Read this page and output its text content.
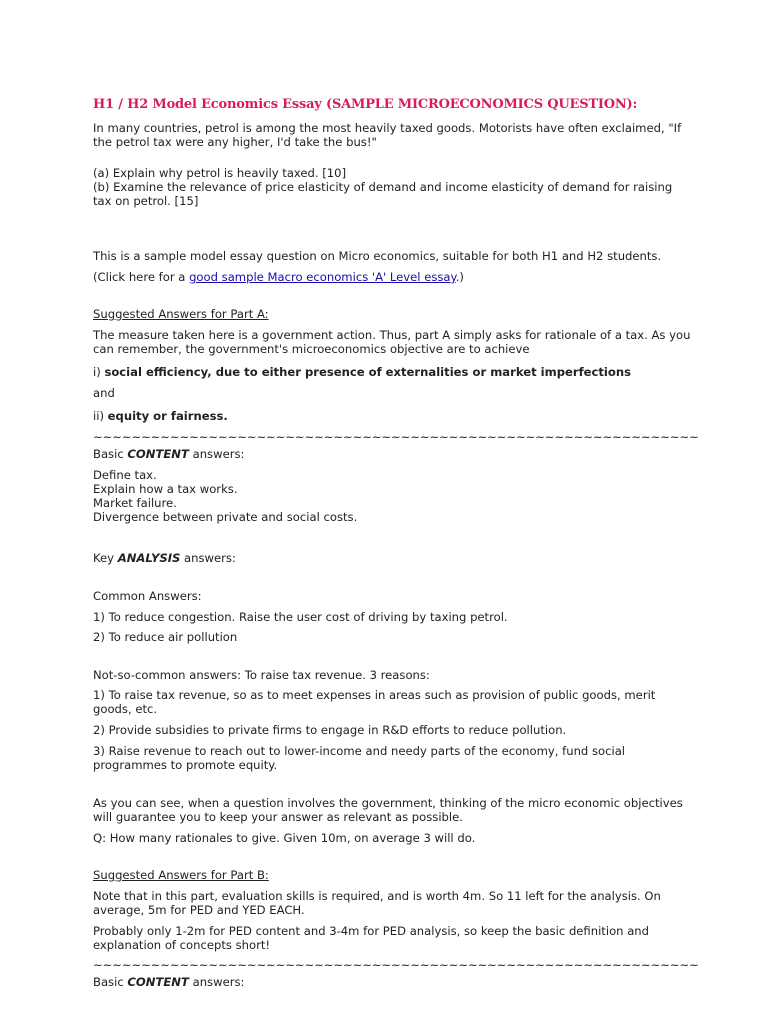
H1 / H2 Model Economics Essay (SAMPLE MICROECONOMICS QUESTION):

In many countries, petrol is among the most heavily taxed goods. Motorists have often exclaimed, "If the petrol tax were any higher, I'd take the bus!"

(a) Explain why petrol is heavily taxed. [10]

(b) Examine the relevance of price elasticity of demand and income elasticity of demand for raising tax on petrol. [15]

This is a sample model essay question on Micro economics, suitable for both H1 and H2 students.

(Click here for a good sample Macro economics 'A' Level essay.)

Suggested Answers for Part A:

The measure taken here is a government action. Thus, part A simply asks for rationale of a tax. As you can remember, the government's microeconomics objective are to achieve

i) social efficiency, due to either presence of externalities or market imperfections

and

ii) equity or fairness.

~~~~~~~~~~~~~~~~~~~~~~~~~~~~~~~~~~~~~~~~~~~~~~~~~~~~~~~~~~~~~~~

Basic CONTENT answers:

Define tax.
Explain how a tax works.
Market failure.
Divergence between private and social costs.

Key ANALYSIS answers:

Common Answers:

1) To reduce congestion. Raise the user cost of driving by taxing petrol.

2) To reduce air pollution

Not-so-common answers: To raise tax revenue. 3 reasons:

1) To raise tax revenue, so as to meet expenses in areas such as provision of public goods, merit goods, etc.

2) Provide subsidies to private firms to engage in R&D efforts to reduce pollution.

3) Raise revenue to reach out to lower-income and needy parts of the economy, fund social programmes to promote equity.

As you can see, when a question involves the government, thinking of the micro economic objectives will guarantee you to keep your answer as relevant as possible.

Q: How many rationales to give. Given 10m, on average 3 will do.

Suggested Answers for Part B:

Note that in this part, evaluation skills is required, and is worth 4m. So 11 left for the analysis. On average, 5m for PED and YED EACH.

Probably only 1-2m for PED content and 3-4m for PED analysis, so keep the basic definition and explanation of concepts short!

~~~~~~~~~~~~~~~~~~~~~~~~~~~~~~~~~~~~~~~~~~~~~~~~~~~~~~~~~~~~~~~

Basic CONTENT answers:
